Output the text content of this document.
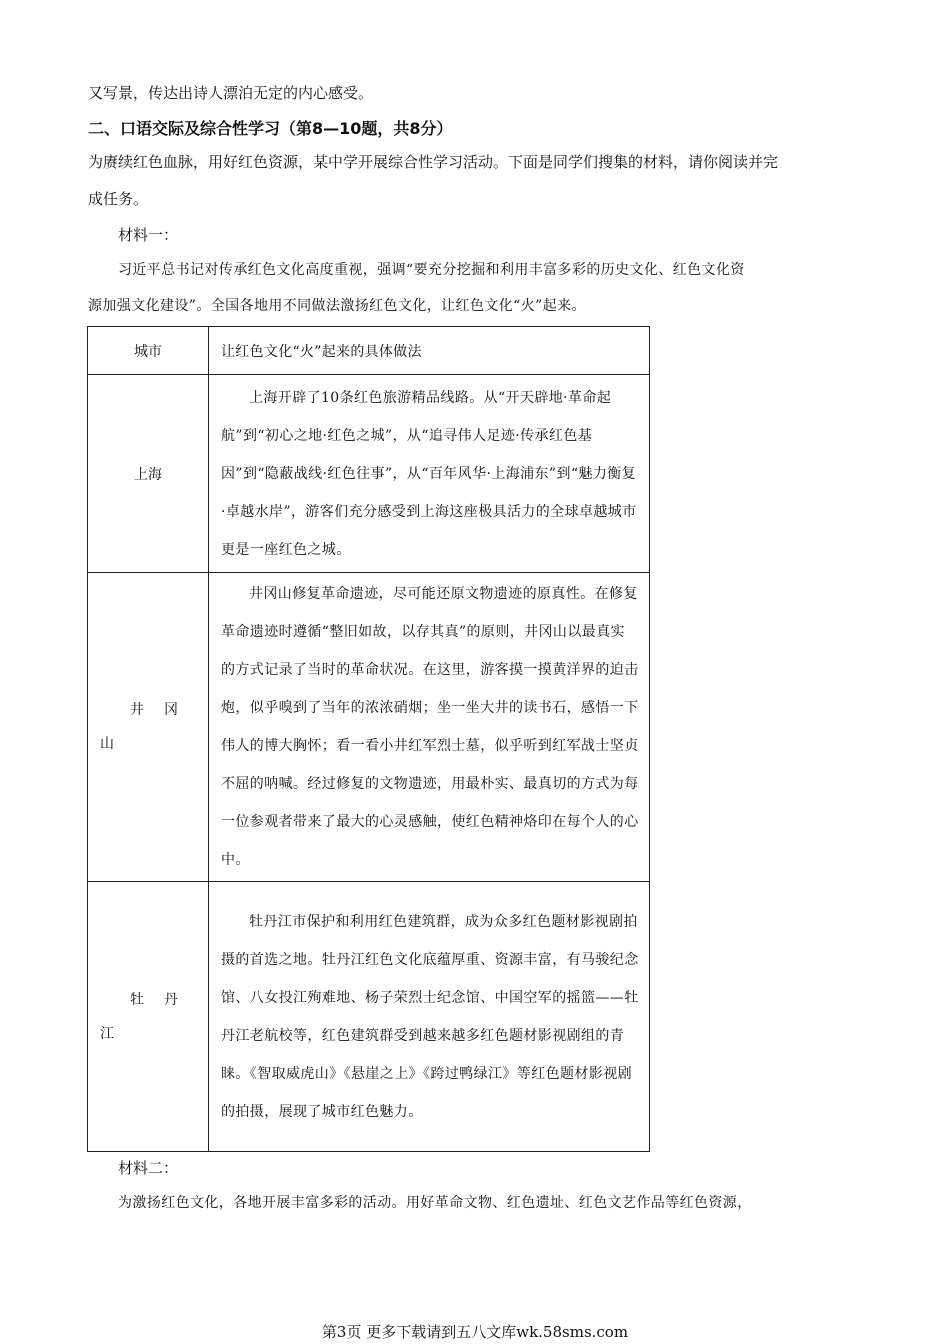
又写景，传达出诗人漂泊无定的内心感受。
二、口语交际及综合性学习（第8—10题，共8分）
为赓续红色血脉，用好红色资源，某中学开展综合性学习活动。下面是同学们搜集的材料，请你阅读并完
成任务。
材料一：
习近平总书记对传承红色文化高度重视，强调“要充分挖掘和利用丰富多彩的历史文化、红色文化资
源加强文化建设”。全国各地用不同做法激扬红色文化，让红色文化“火”起来。
城市	让红色文化“火”起来的具体做法
上海	上海开辟了10条红色旅游精品线路。从“开天辟地·革命起航”到“初心之地·红色之城”，从“追寻伟人足迹·传承红色基因”到“隐蔽战线·红色往事”，从“百年风华·上海浦东”到“魅力衡复·卓越水岸”，游客们充分感受到上海这座极具活力的全球卓越城市更是一座红色之城。

井冈
山	井冈山修复革命遗迹，尽可能还原文物遗迹的原真性。在修复革命遗迹时遵循“整旧如故，以存其真”的原则，井冈山以最真实的方式记录了当时的革命状况。在这里，游客摸一摸黄洋界的迫击炮，似乎嗅到了当年的浓浓硝烟；坐一坐大井的读书石，感悟一下伟人的博大胸怀；看一看小井红军烈士墓，似乎听到红军战士坚贞不屈的呐喊。经过修复的文物遗迹，用最朴实、最真切的方式为每一位参观者带来了最大的心灵感触，使红色精神烙印在每个人的心中。

牡丹
江	牡丹江市保护和利用红色建筑群，成为众多红色题材影视剧拍摄的首选之地。牡丹江红色文化底蕴厚重、资源丰富，有马骏纪念馆、八女投江殉难地、杨子荣烈士纪念馆、中国空军的摇篮——牡丹江老航校等，红色建筑群受到越来越多红色题材影视剧组的青睐。《智取威虎山》《悬崖之上》《跨过鸭绿江》等红色题材影视剧的拍摄，展现了城市红色魅力。
材料二：
为激扬红色文化，各地开展丰富多彩的活动。用好革命文物、红色遗址、红色文艺作品等红色资源，
第3页 更多下载请到五八文库wk.58sms.com
